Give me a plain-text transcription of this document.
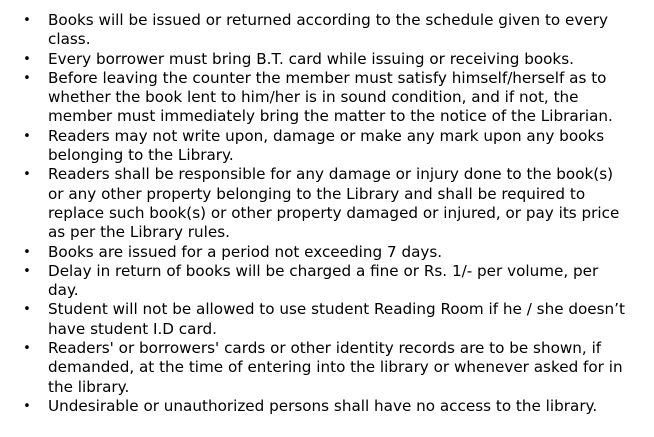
• Books will be issued or returned according to the schedule given to every class.
• Every borrower must bring B.T. card while issuing or receiving books.
• Before leaving the counter the member must satisfy himself/herself as to whether the book lent to him/her is in sound condition, and if not, the member must immediately bring the matter to the notice of the Librarian.
• Readers may not write upon, damage or make any mark upon any books belonging to the Library.
• Readers shall be responsible for any damage or injury done to the book(s) or any other property belonging to the Library and shall be required to replace such book(s) or other property damaged or injured, or pay its price as per the Library rules.
• Books are issued for a period not exceeding 7 days.
• Delay in return of books will be charged a fine or Rs. 1/- per volume, per day.
• Student will not be allowed to use student Reading Room if he / she doesn’t have student I.D card.
• Readers' or borrowers' cards or other identity records are to be shown, if demanded, at the time of entering into the library or whenever asked for in the library.
• Undesirable or unauthorized persons shall have no access to the library.
